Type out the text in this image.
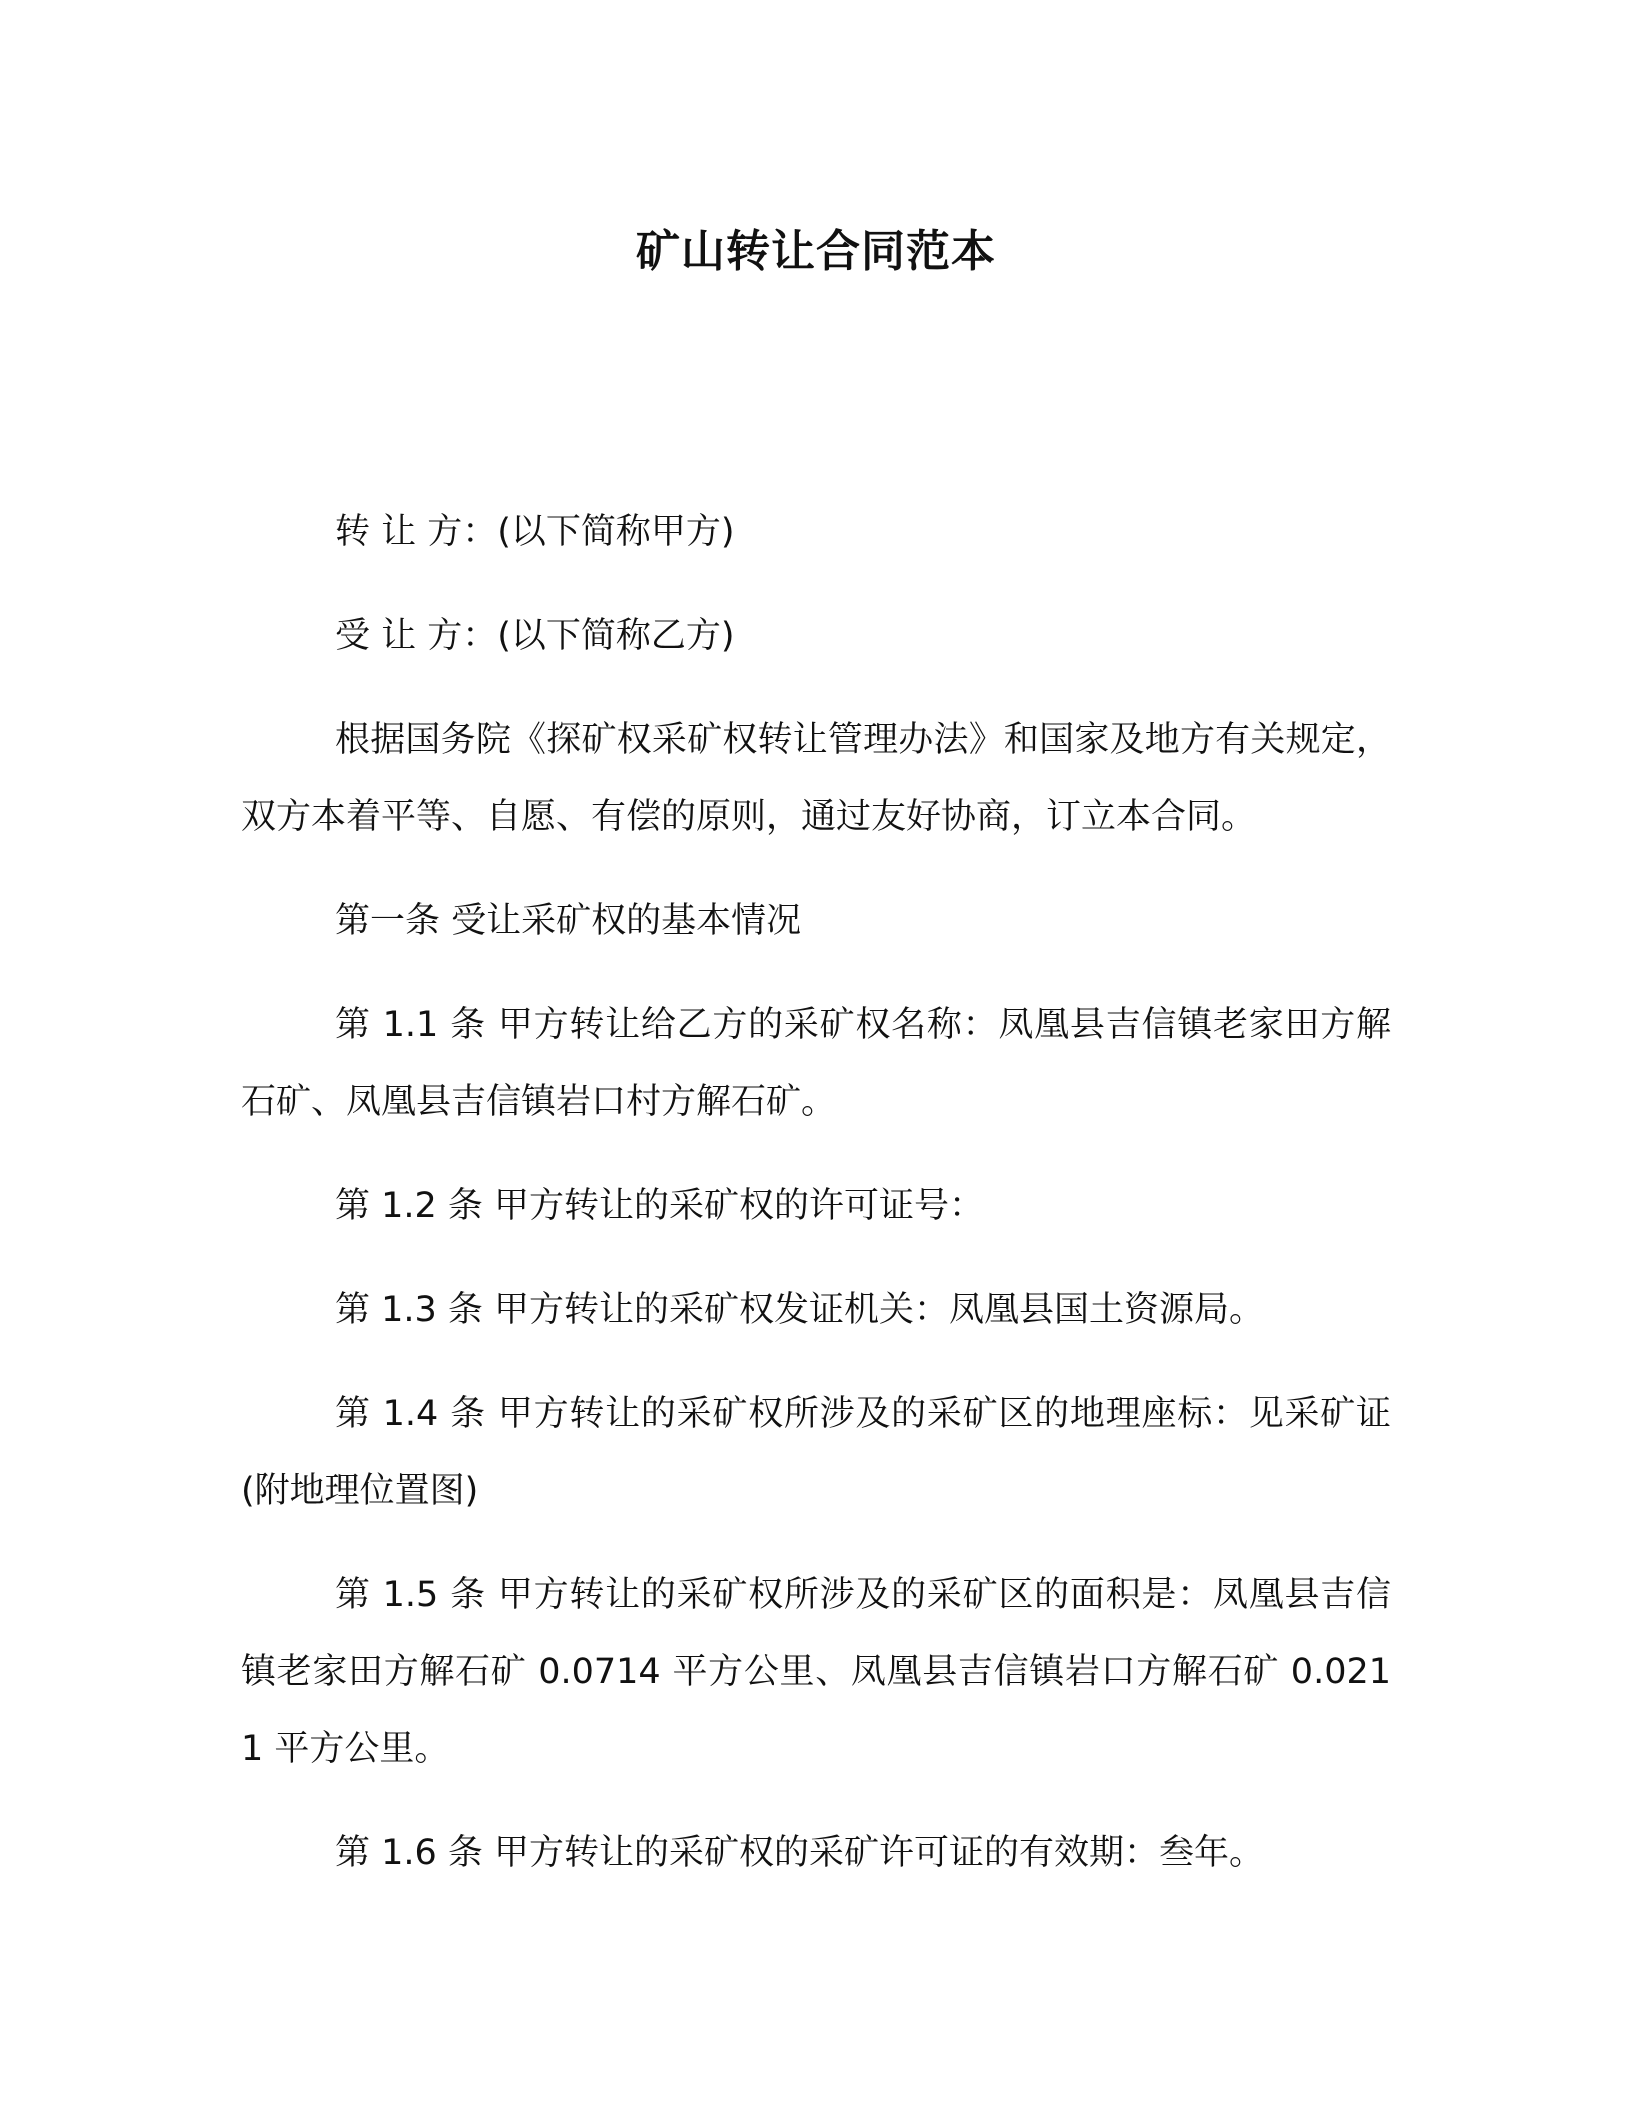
矿山转让合同范本

转 让 方：(以下简称甲方)

受 让 方：(以下简称乙方)

根据国务院《探矿权采矿权转让管理办法》和国家及地方有关规定，双方本着平等、自愿、有偿的原则，通过友好协商，订立本合同。

第一条 受让采矿权的基本情况

第 1.1 条 甲方转让给乙方的采矿权名称：凤凰县吉信镇老家田方解石矿、凤凰县吉信镇岩口村方解石矿。

第 1.2 条 甲方转让的采矿权的许可证号：

第 1.3 条 甲方转让的采矿权发证机关：凤凰县国土资源局。

第 1.4 条 甲方转让的采矿权所涉及的采矿区的地理座标：见采矿证(附地理位置图)

第 1.5 条 甲方转让的采矿权所涉及的采矿区的面积是：凤凰县吉信镇老家田方解石矿 0.0714 平方公里、凤凰县吉信镇岩口方解石矿 0.0211 平方公里。

第 1.6 条 甲方转让的采矿权的采矿许可证的有效期：叁年。
